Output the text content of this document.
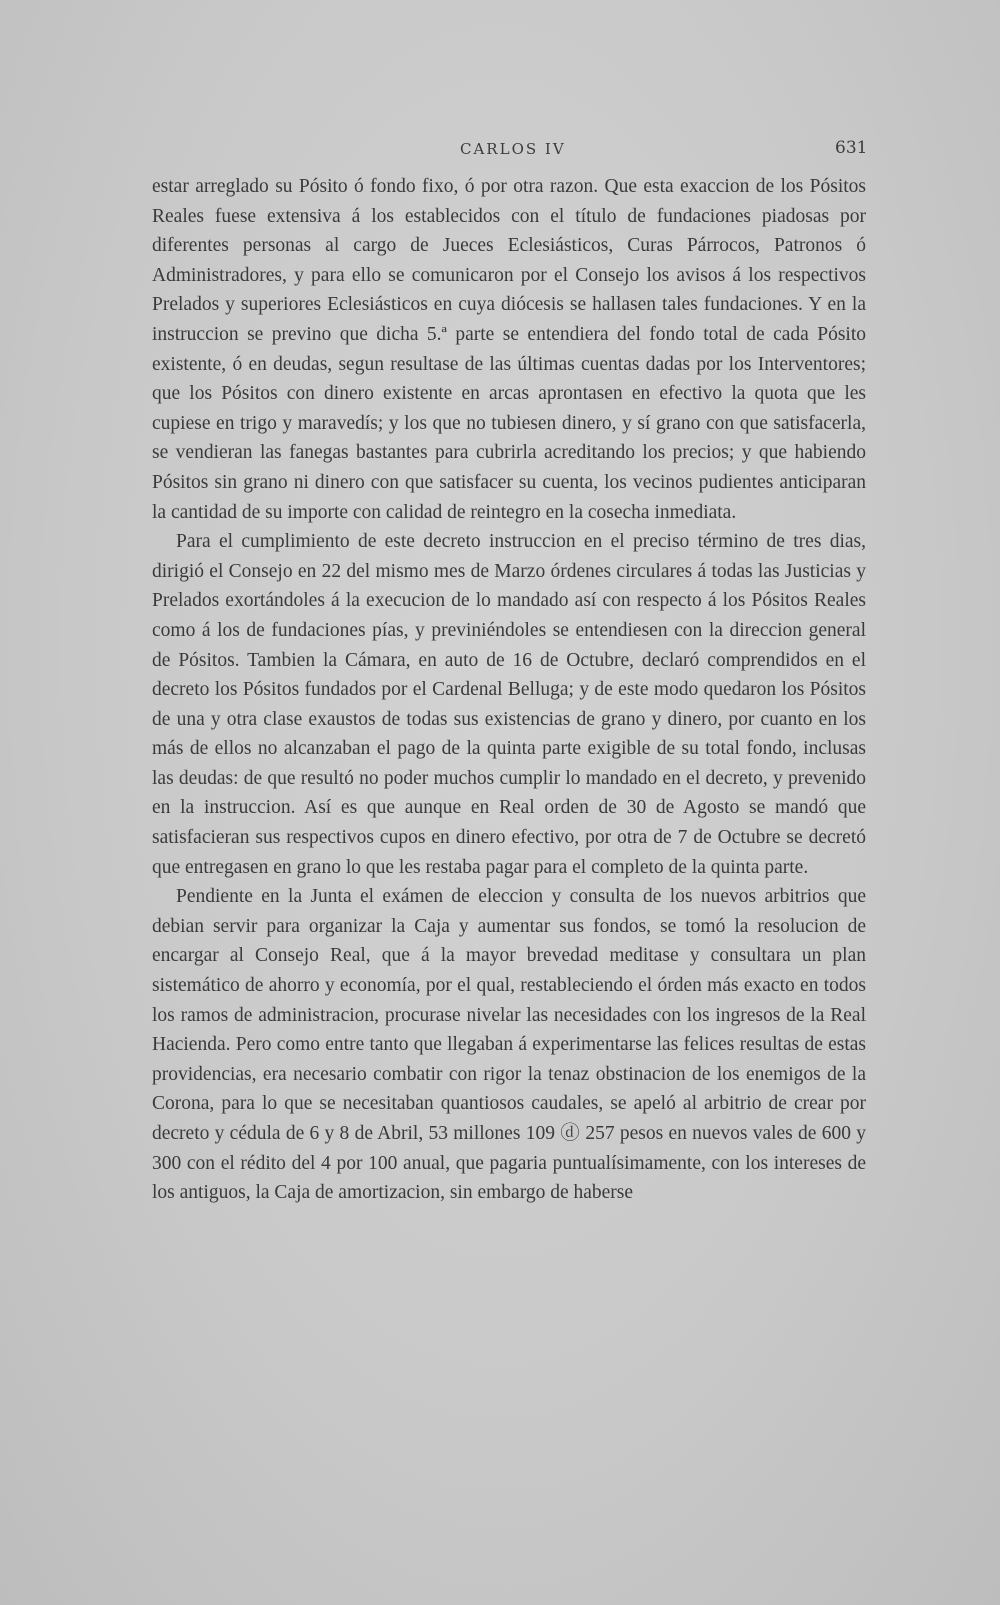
CARLOS IV	631

estar arreglado su Pósito ó fondo fixo, ó por otra razon. Que esta exaccion de los Pósitos Reales fuese extensiva á los establecidos con el título de fundaciones piadosas por diferentes personas al cargo de Jueces Eclesiásticos, Curas Párrocos, Patronos ó Administradores, y para ello se comunicaron por el Consejo los avisos á los respectivos Prelados y superiores Eclesiásticos en cuya diócesis se hallasen tales fundaciones. Y en la instruccion se previno que dicha 5.ª parte se entendiera del fondo total de cada Pósito existente, ó en deudas, segun resultase de las últimas cuentas dadas por los Interventores; que los Pósitos con dinero existente en arcas aprontasen en efectivo la quota que les cupiese en trigo y maravedís; y los que no tubiesen dinero, y sí grano con que satisfacerla, se vendieran las fanegas bastantes para cubrirla acreditando los precios; y que habiendo Pósitos sin grano ni dinero con que satisfacer su cuenta, los vecinos pudientes anticiparan la cantidad de su importe con calidad de reintegro en la cosecha inmediata.

Para el cumplimiento de este decreto instruccion en el preciso término de tres dias, dirigió el Consejo en 22 del mismo mes de Marzo órdenes circulares á todas las Justicias y Prelados exortándoles á la execucion de lo mandado así con respecto á los Pósitos Reales como á los de fundaciones pías, y previniéndoles se entendiesen con la direccion general de Pósitos. Tambien la Cámara, en auto de 16 de Octubre, declaró comprendidos en el decreto los Pósitos fundados por el Cardenal Belluga; y de este modo quedaron los Pósitos de una y otra clase exaustos de todas sus existencias de grano y dinero, por cuanto en los más de ellos no alcanzaban el pago de la quinta parte exigible de su total fondo, inclusas las deudas: de que resultó no poder muchos cumplir lo mandado en el decreto, y prevenido en la instruccion. Así es que aunque en Real orden de 30 de Agosto se mandó que satisfacieran sus respectivos cupos en dinero efectivo, por otra de 7 de Octubre se decretó que entregasen en grano lo que les restaba pagar para el completo de la quinta parte.

Pendiente en la Junta el exámen de eleccion y consulta de los nuevos arbitrios que debian servir para organizar la Caja y aumentar sus fondos, se tomó la resolucion de encargar al Consejo Real, que á la mayor brevedad meditase y consultara un plan sistemático de ahorro y economía, por el qual, restableciendo el órden más exacto en todos los ramos de administracion, procurase nivelar las necesidades con los ingresos de la Real Hacienda. Pero como entre tanto que llegaban á experimentarse las felices resultas de estas providencias, era necesario combatir con rigor la tenaz obstinacion de los enemigos de la Corona, para lo que se necesitaban quantiosos caudales, se apeló al arbitrio de crear por decreto y cédula de 6 y 8 de Abril, 53 millones 109 ⓓ 257 pesos en nuevos vales de 600 y 300 con el rédito del 4 por 100 anual, que pagaria puntualísimamente, con los intereses de los antiguos, la Caja de amortizacion, sin embargo de haberse
